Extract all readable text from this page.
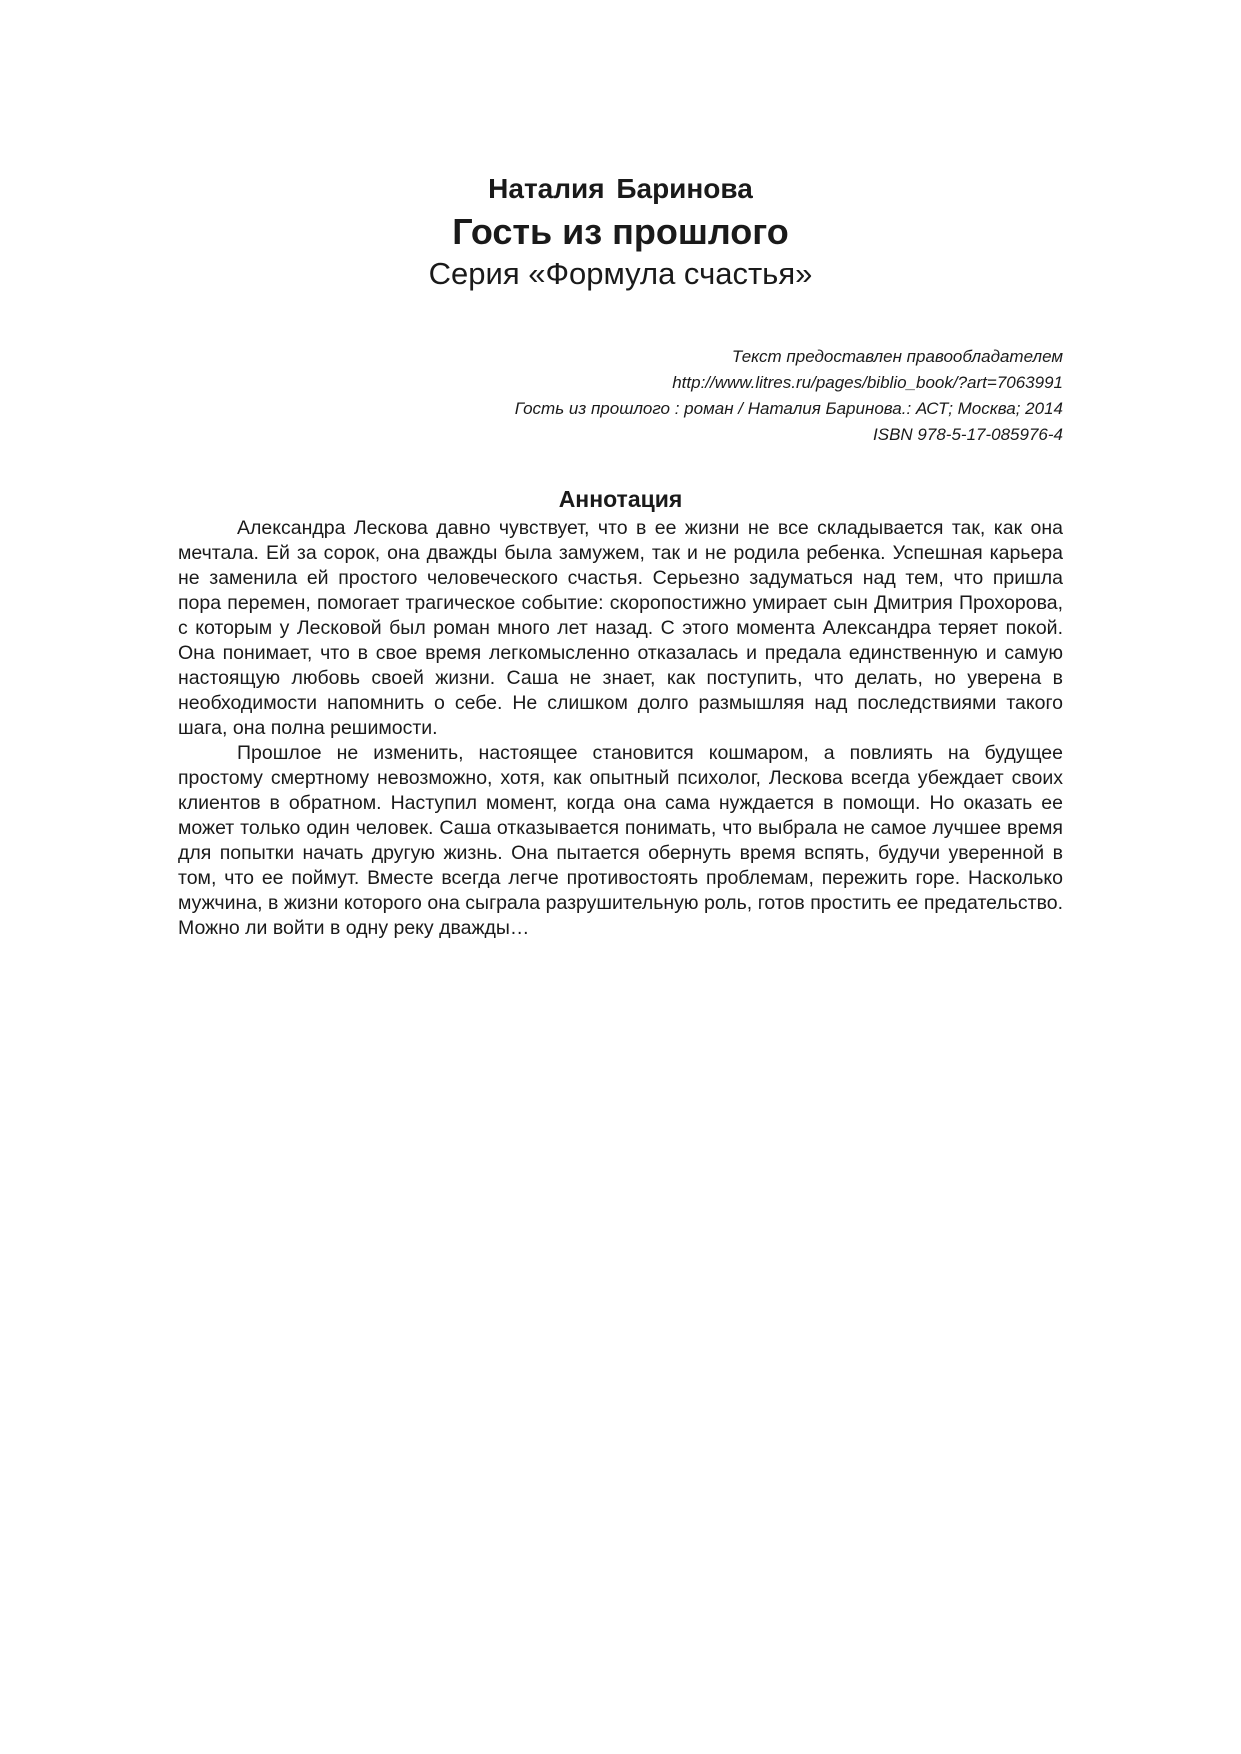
Наталия Баринова
Гость из прошлого
Серия «Формула счастья»
Текст предоставлен правообладателем
http://www.litres.ru/pages/biblio_book/?art=7063991
Гость из прошлого : роман / Наталия Баринова.: АСТ; Москва; 2014
ISBN 978-5-17-085976-4
Аннотация

Александра Лескова давно чувствует, что в ее жизни не все складывается так, как она мечтала. Ей за сорок, она дважды была замужем, так и не родила ребенка. Успешная карьера не заменила ей простого человеческого счастья. Серьезно задуматься над тем, что пришла пора перемен, помогает трагическое событие: скоропостижно умирает сын Дмитрия Прохорова, с которым у Лесковой был роман много лет назад. С этого момента Александра теряет покой. Она понимает, что в свое время легкомысленно отказалась и предала единственную и самую настоящую любовь своей жизни. Саша не знает, как поступить, что делать, но уверена в необходимости напомнить о себе. Не слишком долго размышляя над последствиями такого шага, она полна решимости.

Прошлое не изменить, настоящее становится кошмаром, а повлиять на будущее простому смертному невозможно, хотя, как опытный психолог, Лескова всегда убеждает своих клиентов в обратном. Наступил момент, когда она сама нуждается в помощи. Но оказать ее может только один человек. Саша отказывается понимать, что выбрала не самое лучшее время для попытки начать другую жизнь. Она пытается обернуть время вспять, будучи уверенной в том, что ее поймут. Вместе всегда легче противостоять проблемам, пережить горе. Насколько мужчина, в жизни которого она сыграла разрушительную роль, готов простить ее предательство. Можно ли войти в одну реку дважды…
